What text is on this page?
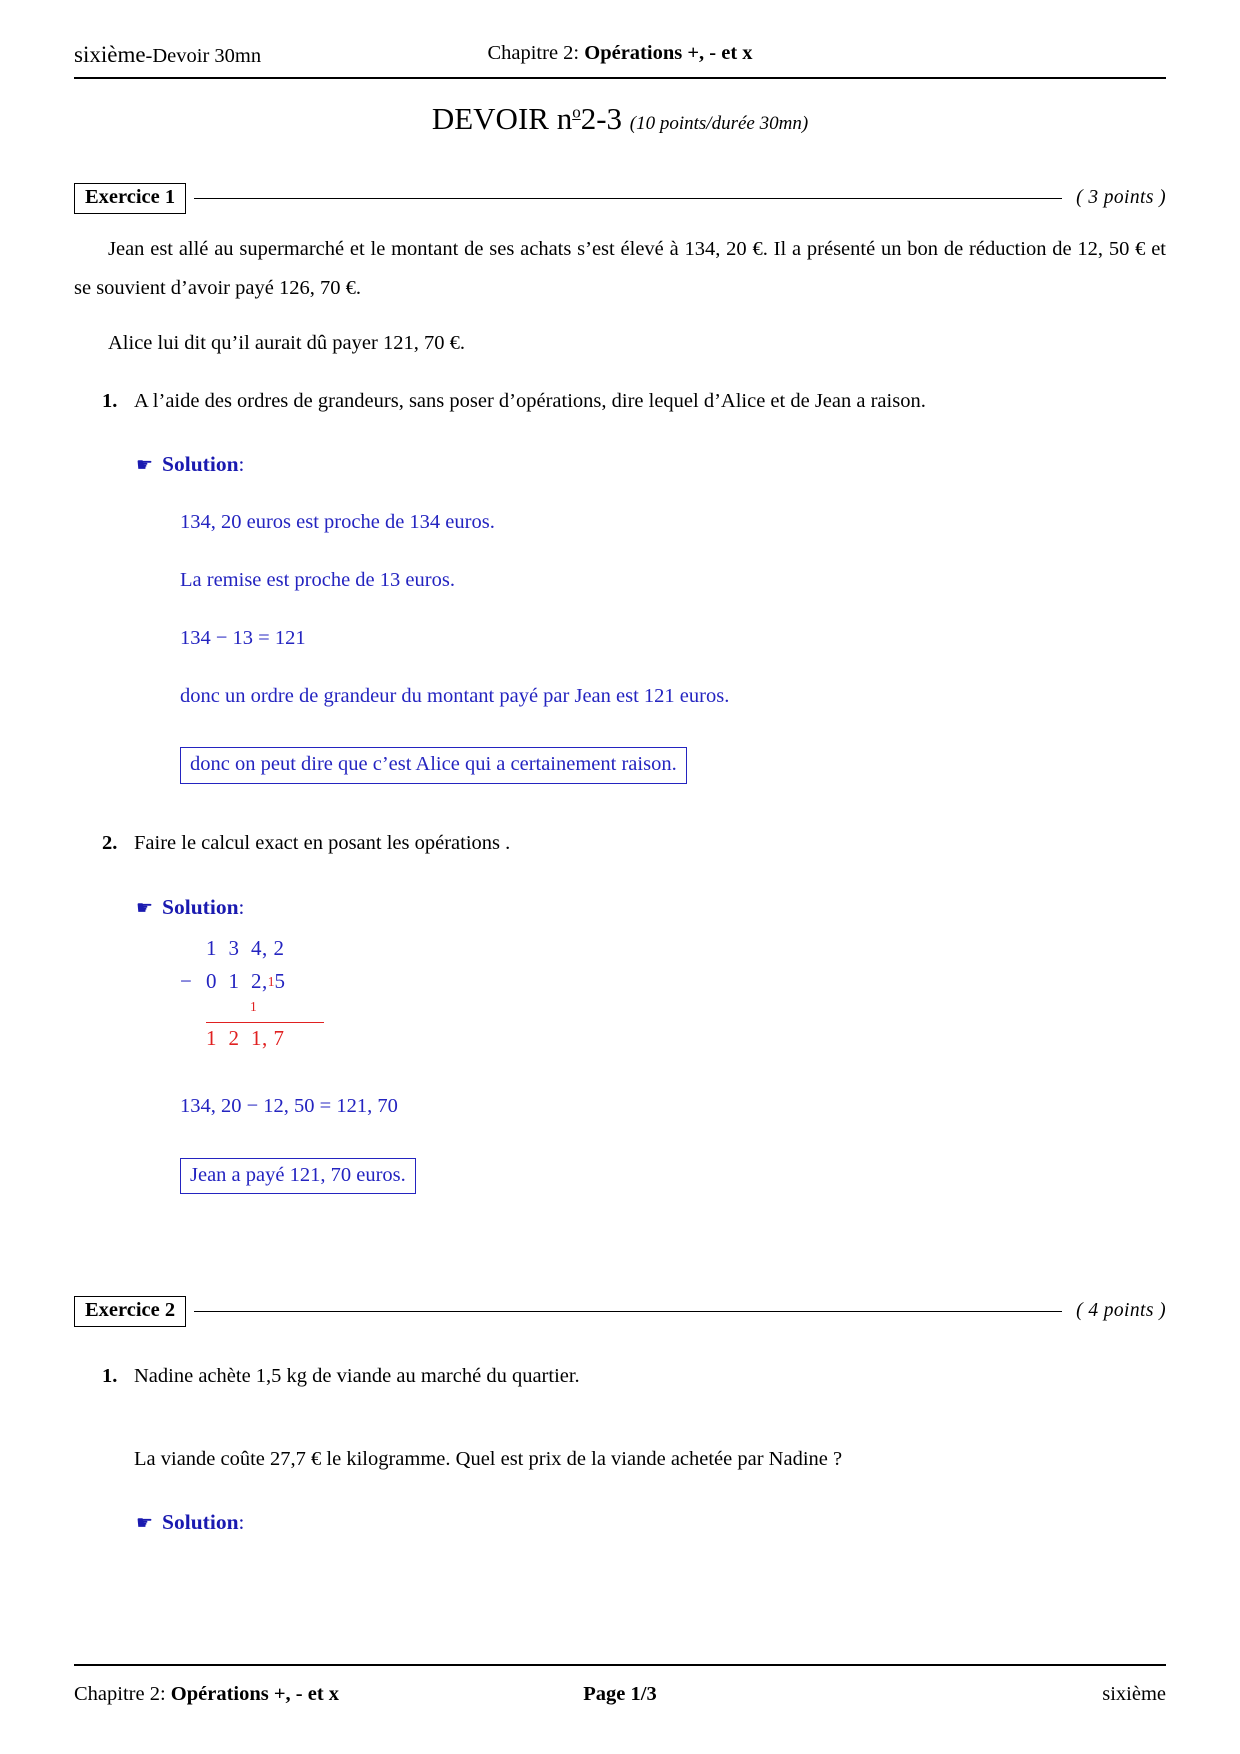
sixième-Devoir 30mn	Chapitre 2: Opérations +, - et x
DEVOIR $n^o2-3$ (10 points/durée 30mn)
Exercice 1	( 3 points )
Jean est allé au supermarché et le montant de ses achats s’est élevé à 134, 20 €. Il a présenté un bon de réduction de 12, 50 € et se souvient d’avoir payé 126, 70 €.
Alice lui dit qu’il aurait dû payer 121, 70 €.
1. A l’aide des ordres de grandeurs, sans poser d’opérations, dire lequel d’Alice et de Jean a raison.
☛ Solution :
134, 20 euros est proche de 134 euros.
La remise est proche de 13 euros.
134 − 13 = 121
donc un ordre de grandeur du montant payé par Jean est 121 euros.
donc on peut dire que c’est Alice qui a certainement raison.
2. Faire le calcul exact en posant les opérations .
☛ Solution :
1  3  4, 2
− 0  1  2, 1 5
1
1  2  1, 7
134, 20 − 12, 50 = 121, 70
Jean a payé 121, 70 euros.
Exercice 2	( 4 points )
1. Nadine achète 1,5 kg de viande au marché du quartier.
La viande coûte 27,7 € le kilogramme. Quel est prix de la viande achetée par Nadine ?
☛ Solution :
Chapitre 2: Opérations +, - et x	Page 1/3	sixième
